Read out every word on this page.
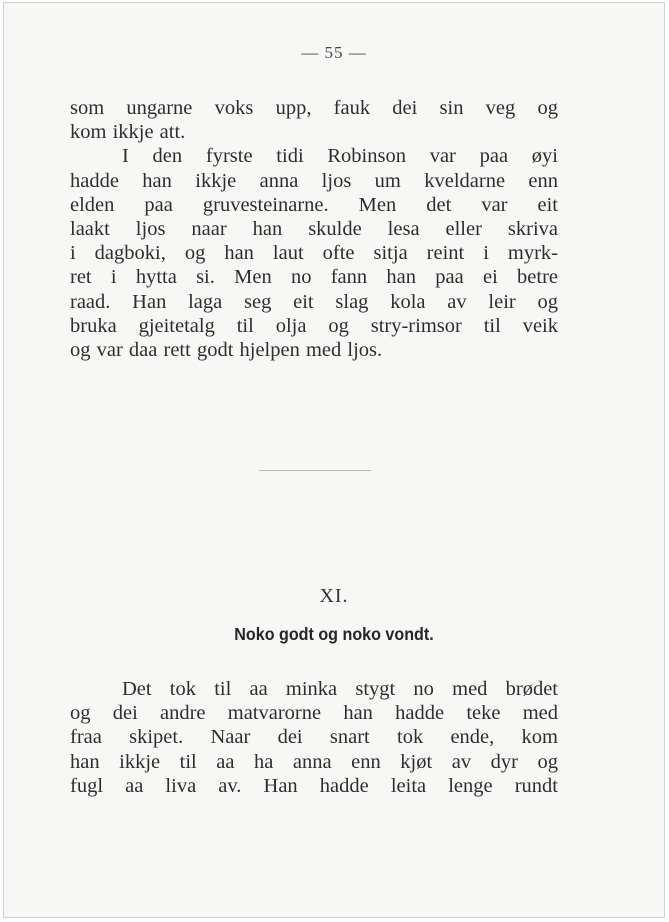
— 55 —

som ungarne voks upp, fauk dei sin veg og
kom ikkje att.
I den fyrste tidi Robinson var paa øyi
hadde han ikkje anna ljos um kveldarne enn
elden paa gruvesteinarne. Men det var eit
laakt ljos naar han skulde lesa eller skriva
i dagboki, og han laut ofte sitja reint i myrk-
ret i hytta si. Men no fann han paa ei betre
raad. Han laga seg eit slag kola av leir og
bruka gjeitetalg til olja og stry-rimsor til veik
og var daa rett godt hjelpen med ljos.

XI.
Noko godt og noko vondt.

Det tok til aa minka stygt no med brødet
og dei andre matvarorne han hadde teke med
fraa skipet. Naar dei snart tok ende, kom
han ikkje til aa ha anna enn kjøt av dyr og
fugl aa liva av. Han hadde leita lenge rundt
